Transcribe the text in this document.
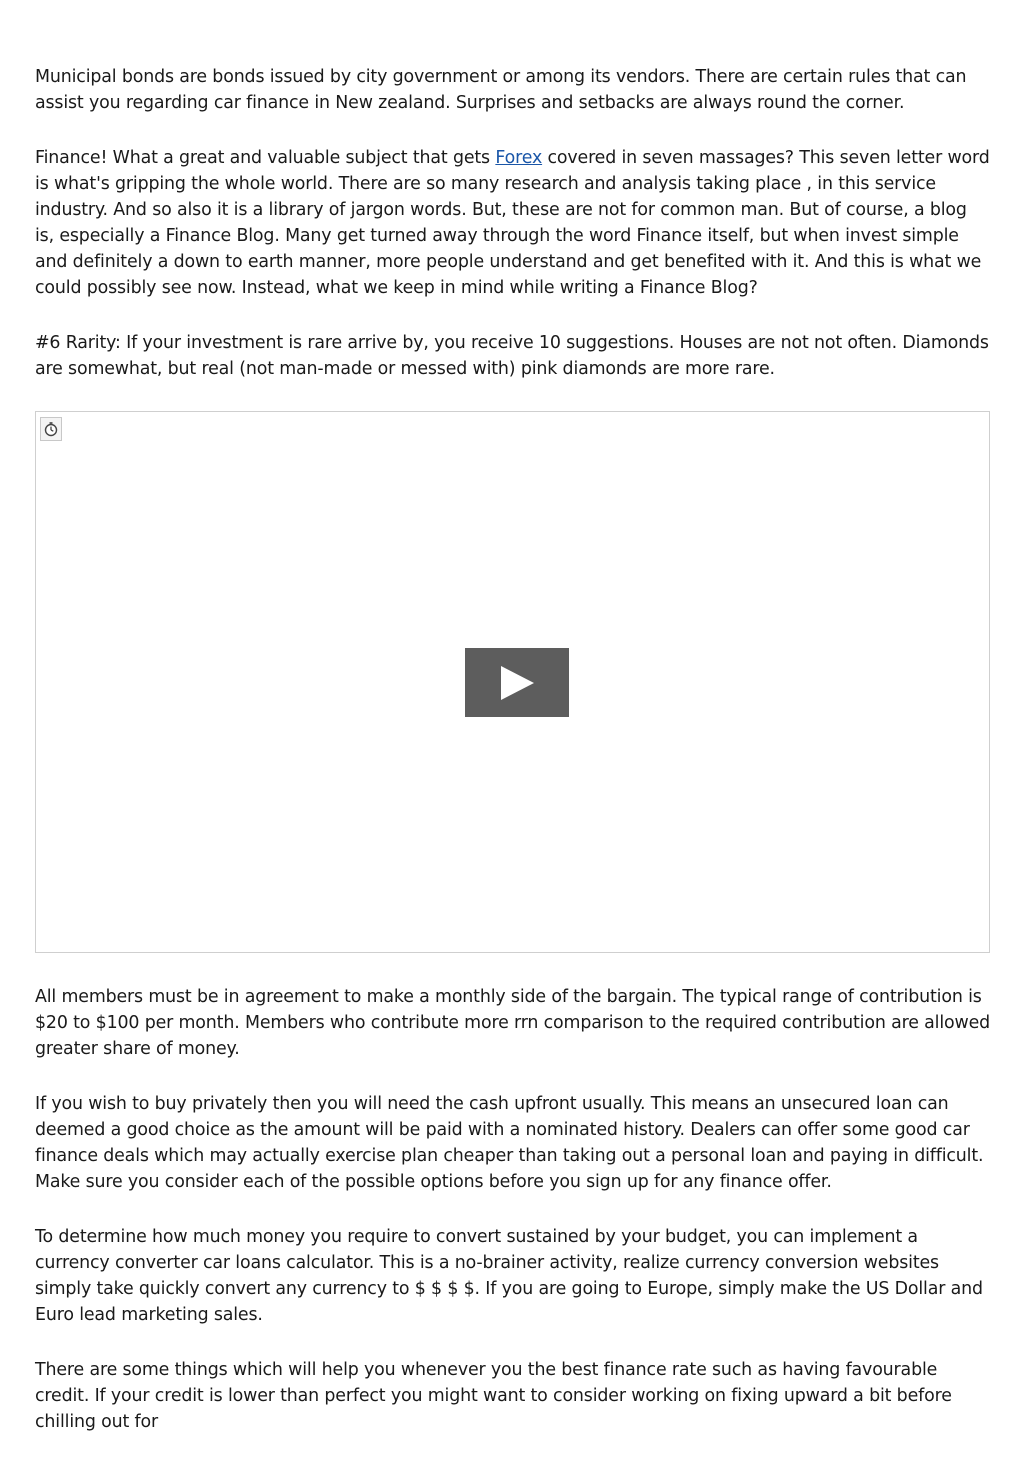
Municipal bonds are bonds issued by city government or among its vendors. There are certain rules that can assist you regarding car finance in New zealand. Surprises and setbacks are always round the corner.

Finance! What a great and valuable subject that gets Forex covered in seven massages? This seven letter word is what's gripping the whole world. There are so many research and analysis taking place , in this service industry. And so also it is a library of jargon words. But, these are not for common man. But of course, a blog is, especially a Finance Blog. Many get turned away through the word Finance itself, but when invest simple and definitely a down to earth manner, more people understand and get benefited with it. And this is what we could possibly see now. Instead, what we keep in mind while writing a Finance Blog?

#6 Rarity: If your investment is rare arrive by, you receive 10 suggestions. Houses are not not often. Diamonds are somewhat, but real (not man-made or messed with) pink diamonds are more rare.

All members must be in agreement to make a monthly side of the bargain. The typical range of contribution is $20 to $100 per month. Members who contribute more rrn comparison to the required contribution are allowed greater share of money.

If you wish to buy privately then you will need the cash upfront usually. This means an unsecured loan can deemed a good choice as the amount will be paid with a nominated history. Dealers can offer some good car finance deals which may actually exercise plan cheaper than taking out a personal loan and paying in difficult. Make sure you consider each of the possible options before you sign up for any finance offer.

To determine how much money you require to convert sustained by your budget, you can implement a currency converter car loans calculator. This is a no-brainer activity, realize currency conversion websites simply take quickly convert any currency to $ $ $ $. If you are going to Europe, simply make the US Dollar and Euro lead marketing sales.

There are some things which will help you whenever you the best finance rate such as having favourable credit. If your credit is lower than perfect you might want to consider working on fixing upward a bit before chilling out for
